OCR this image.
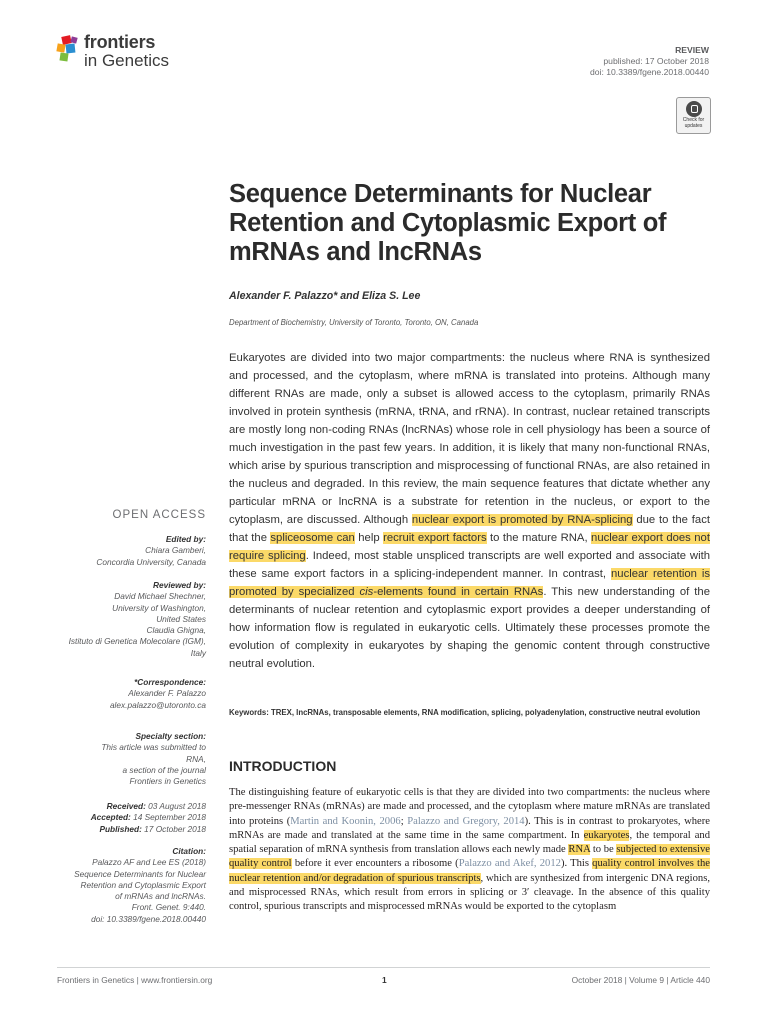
frontiers
in Genetics
REVIEW
published: 17 October 2018
doi: 10.3389/fgene.2018.00440
Check for
updates
Sequence Determinants for Nuclear Retention and Cytoplasmic Export of mRNAs and lncRNAs
Alexander F. Palazzo* and Eliza S. Lee
Department of Biochemistry, University of Toronto, Toronto, ON, Canada
Eukaryotes are divided into two major compartments: the nucleus where RNA is synthesized and processed, and the cytoplasm, where mRNA is translated into proteins. Although many different RNAs are made, only a subset is allowed access to the cytoplasm, primarily RNAs involved in protein synthesis (mRNA, tRNA, and rRNA). In contrast, nuclear retained transcripts are mostly long non-coding RNAs (lncRNAs) whose role in cell physiology has been a source of much investigation in the past few years. In addition, it is likely that many non-functional RNAs, which arise by spurious transcription and misprocessing of functional RNAs, are also retained in the nucleus and degraded. In this review, the main sequence features that dictate whether any particular mRNA or lncRNA is a substrate for retention in the nucleus, or export to the cytoplasm, are discussed. Although nuclear export is promoted by RNA-splicing due to the fact that the spliceosome can help recruit export factors to the mature RNA, nuclear export does not require splicing. Indeed, most stable unspliced transcripts are well exported and associate with these same export factors in a splicing-independent manner. In contrast, nuclear retention is promoted by specialized cis-elements found in certain RNAs. This new understanding of the determinants of nuclear retention and cytoplasmic export provides a deeper understanding of how information flow is regulated in eukaryotic cells. Ultimately these processes promote the evolution of complexity in eukaryotes by shaping the genomic content through constructive neutral evolution.
Keywords: TREX, lncRNAs, transposable elements, RNA modification, splicing, polyadenylation, constructive neutral evolution
INTRODUCTION
The distinguishing feature of eukaryotic cells is that they are divided into two compartments: the nucleus where pre-messenger RNAs (mRNAs) are made and processed, and the cytoplasm where mature mRNAs are translated into proteins (Martin and Koonin, 2006; Palazzo and Gregory, 2014). This is in contrast to prokaryotes, where mRNAs are made and translated at the same time in the same compartment. In eukaryotes, the temporal and spatial separation of mRNA synthesis from translation allows each newly made RNA to be subjected to extensive quality control before it ever encounters a ribosome (Palazzo and Akef, 2012). This quality control involves the nuclear retention and/or degradation of spurious transcripts, which are synthesized from intergenic DNA regions, and misprocessed RNAs, which result from errors in splicing or 3′ cleavage. In the absence of this quality control, spurious transcripts and misprocessed mRNAs would be exported to the cytoplasm
OPEN ACCESS
Edited by:
Chiara Gamberi,
Concordia University, Canada
Reviewed by:
David Michael Shechner,
University of Washington,
United States
Claudia Ghigna,
Istituto di Genetica Molecolare (IGM),
Italy
*Correspondence:
Alexander F. Palazzo
alex.palazzo@utoronto.ca
Specialty section:
This article was submitted to
RNA,
a section of the journal
Frontiers in Genetics
Received: 03 August 2018
Accepted: 14 September 2018
Published: 17 October 2018
Citation:
Palazzo AF and Lee ES (2018)
Sequence Determinants for Nuclear
Retention and Cytoplasmic Export
of mRNAs and lncRNAs.
Front. Genet. 9:440.
doi: 10.3389/fgene.2018.00440
Frontiers in Genetics | www.frontiersin.org	1	October 2018 | Volume 9 | Article 440
